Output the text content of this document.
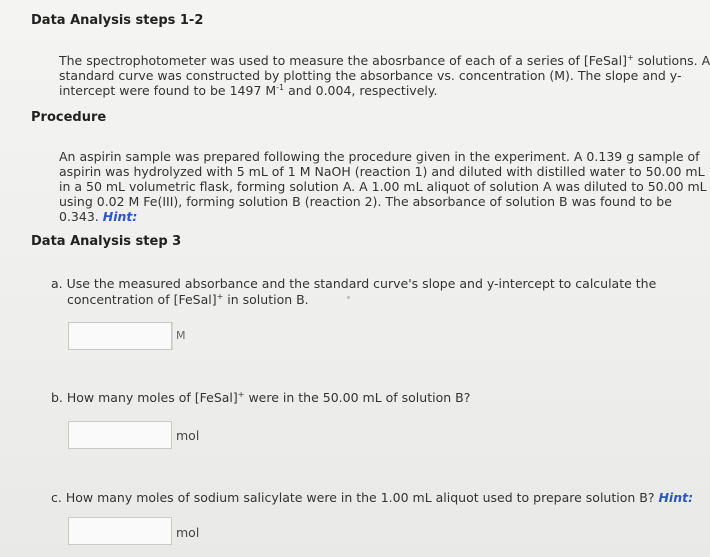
Data Analysis steps 1-2
The spectrophotometer was used to measure the abosrbance of each of a series of [FeSal]+ solutions. A
standard curve was constructed by plotting the absorbance vs. concentration (M). The slope and y-
intercept were found to be 1497 $M^{-1}$ and 0.004, respectively.
Procedure
An aspirin sample was prepared following the procedure given in the experiment. A 0.139 g sample of
aspirin was hydrolyzed with 5 mL of 1 M NaOH (reaction 1) and diluted with distilled water to 50.00 mL
in a 50 mL volumetric flask, forming solution A. A 1.00 mL aliquot of solution A was diluted to 50.00 mL
using 0.02 M Fe(III), forming solution B (reaction 2). The absorbance of solution B was found to be
0.343. Hint:
Data Analysis step 3
a. Use the measured absorbance and the standard curve's slope and y-intercept to calculate the
concentration of [FeSal]+ in solution B.
M
b. How many moles of [FeSal]+ were in the 50.00 mL of solution B?
mol
c. How many moles of sodium salicylate were in the 1.00 mL aliquot used to prepare solution B? Hint:
mol
